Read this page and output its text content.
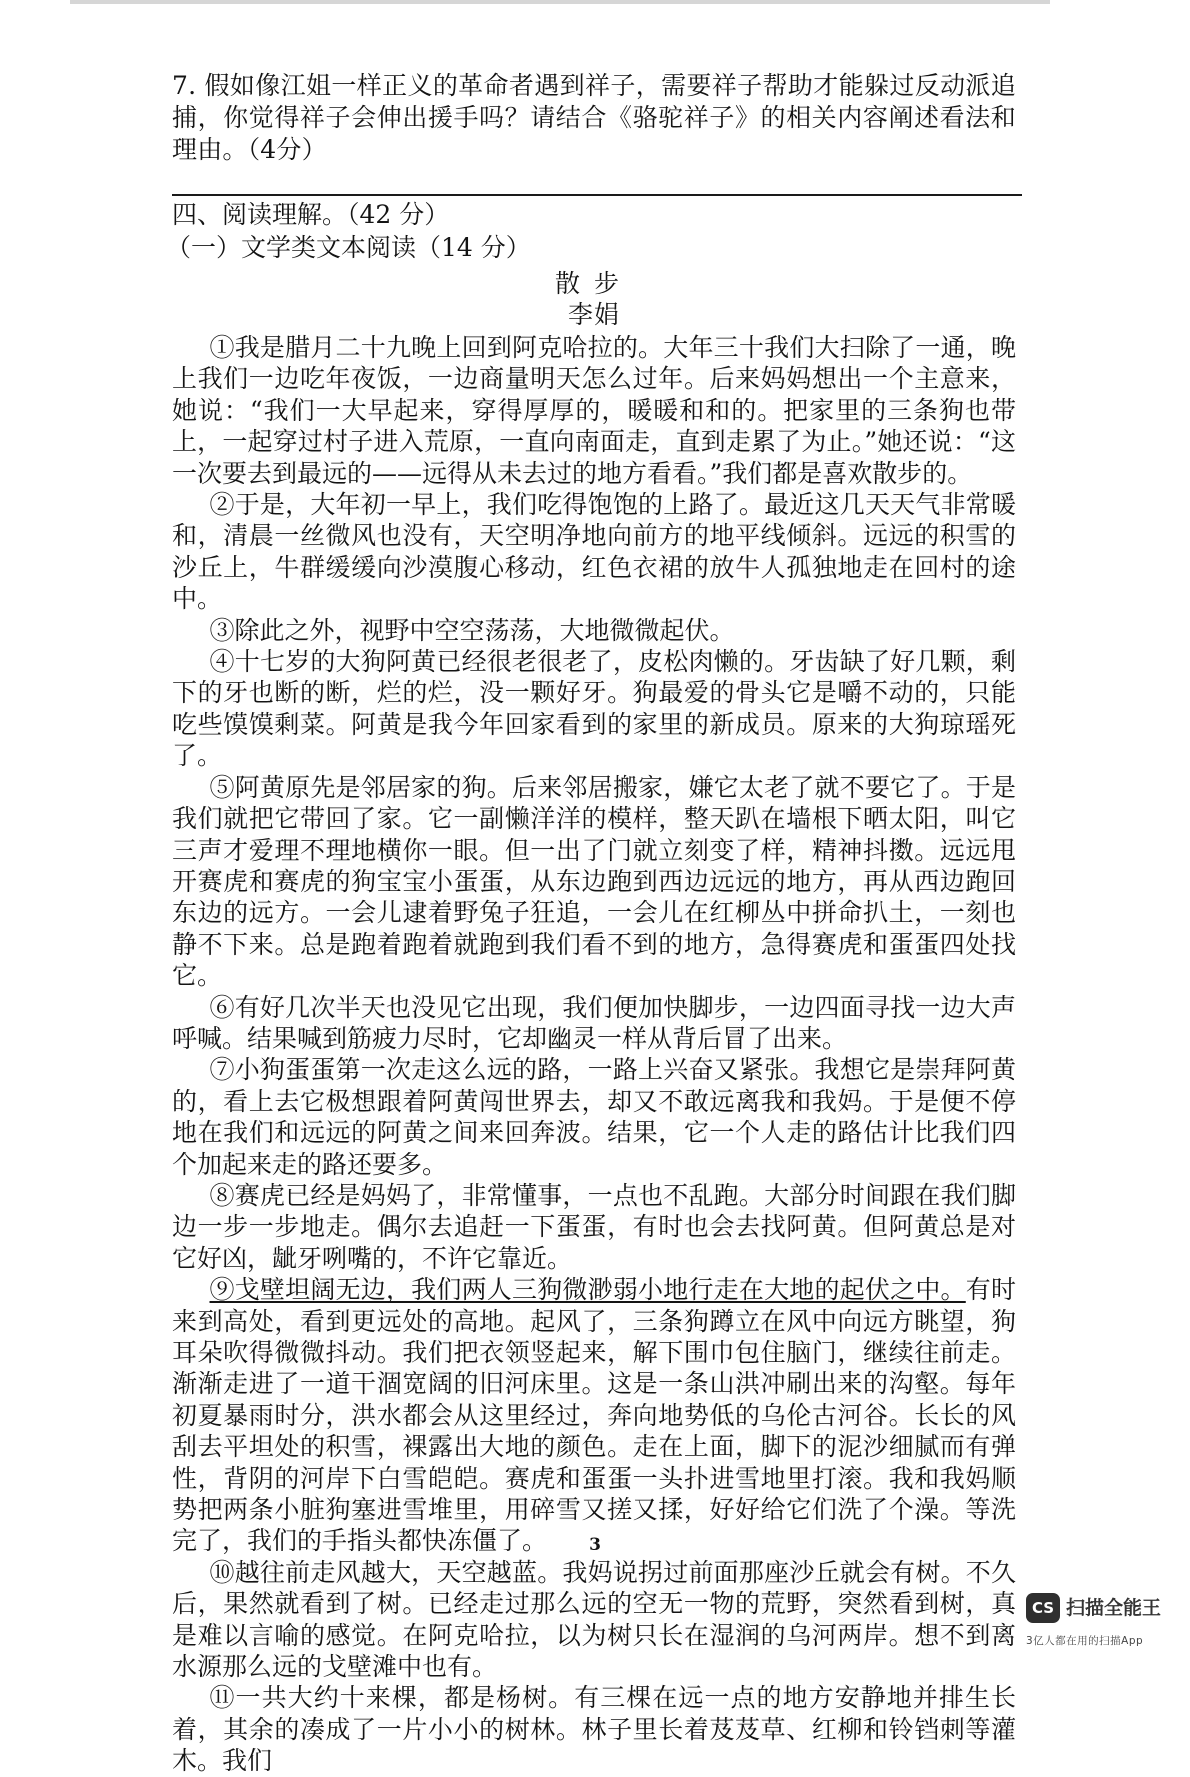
7. 假如像江姐一样正义的革命者遇到祥子，需要祥子帮助才能躲过反动派追捕，你觉得祥子会伸出援手吗？请结合《骆驼祥子》的相关内容阐述看法和理由。（4分）
四、阅读理解。（42 分）
（一）文学类文本阅读（14 分）
散步
李娟

①我是腊月二十九晚上回到阿克哈拉的。大年三十我们大扫除了一通，晚上我们一边吃年夜饭，一边商量明天怎么过年。后来妈妈想出一个主意来，她说：“我们一大早起来，穿得厚厚的，暖暖和和的。把家里的三条狗也带上，一起穿过村子进入荒原，一直向南面走，直到走累了为止。”她还说：“这一次要去到最远的——远得从未去过的地方看看。”我们都是喜欢散步的。

②于是，大年初一早上，我们吃得饱饱的上路了。最近这几天天气非常暖和，清晨一丝微风也没有，天空明净地向前方的地平线倾斜。远远的积雪的沙丘上，牛群缓缓向沙漠腹心移动，红色衣裙的放牛人孤独地走在回村的途中。

③除此之外，视野中空空荡荡，大地微微起伏。

④十七岁的大狗阿黄已经很老很老了，皮松肉懒的。牙齿缺了好几颗，剩下的牙也断的断，烂的烂，没一颗好牙。狗最爱的骨头它是嚼不动的，只能吃些馍馍剩菜。阿黄是我今年回家看到的家里的新成员。原来的大狗琼瑶死了。

⑤阿黄原先是邻居家的狗。后来邻居搬家，嫌它太老了就不要它了。于是我们就把它带回了家。它一副懒洋洋的模样，整天趴在墙根下晒太阳，叫它三声才爱理不理地横你一眼。但一出了门就立刻变了样，精神抖擞。远远甩开赛虎和赛虎的狗宝宝小蛋蛋，从东边跑到西边远远的地方，再从西边跑回东边的远方。一会儿逮着野兔子狂追，一会儿在红柳丛中拼命扒土，一刻也静不下来。总是跑着跑着就跑到我们看不到的地方，急得赛虎和蛋蛋四处找它。

⑥有好几次半天也没见它出现，我们便加快脚步，一边四面寻找一边大声呼喊。结果喊到筋疲力尽时，它却幽灵一样从背后冒了出来。

⑦小狗蛋蛋第一次走这么远的路，一路上兴奋又紧张。我想它是崇拜阿黄的，看上去它极想跟着阿黄闯世界去，却又不敢远离我和我妈。于是便不停地在我们和远远的阿黄之间来回奔波。结果，它一个人走的路估计比我们四个加起来走的路还要多。

⑧赛虎已经是妈妈了，非常懂事，一点也不乱跑。大部分时间跟在我们脚边一步一步地走。偶尔去追赶一下蛋蛋，有时也会去找阿黄。但阿黄总是对它好凶，龇牙咧嘴的，不许它靠近。

⑨戈壁坦阔无边，我们两人三狗微渺弱小地行走在大地的起伏之中。有时来到高处，看到更远处的高地。起风了，三条狗蹲立在风中向远方眺望，狗耳朵吹得微微抖动。我们把衣领竖起来，解下围巾包住脑门，继续往前走。渐渐走进了一道干涸宽阔的旧河床里。这是一条山洪冲刷出来的沟壑。每年初夏暴雨时分，洪水都会从这里经过，奔向地势低的乌伦古河谷。长长的风刮去平坦处的积雪，裸露出大地的颜色。走在上面，脚下的泥沙细腻而有弹性，背阴的河岸下白雪皑皑。赛虎和蛋蛋一头扑进雪地里打滚。我和我妈顺势把两条小脏狗塞进雪堆里，用碎雪又搓又揉，好好给它们洗了个澡。等洗完了，我们的手指头都快冻僵了。

⑩越往前走风越大，天空越蓝。我妈说拐过前面那座沙丘就会有树。不久后，果然就看到了树。已经走过那么远的空无一物的荒野，突然看到树，真是难以言喻的感觉。在阿克哈拉，以为树只长在湿润的乌河两岸。想不到离水源那么远的戈壁滩中也有。

⑪一共大约十来棵，都是杨树。有三棵在远一点的地方安静地并排生长着，其余的凑成了一片小小的树林。林子里长着芨芨草、红柳和铃铛刺等灌木。我们

3
CS 扫描全能王
3亿人都在用的扫描App
